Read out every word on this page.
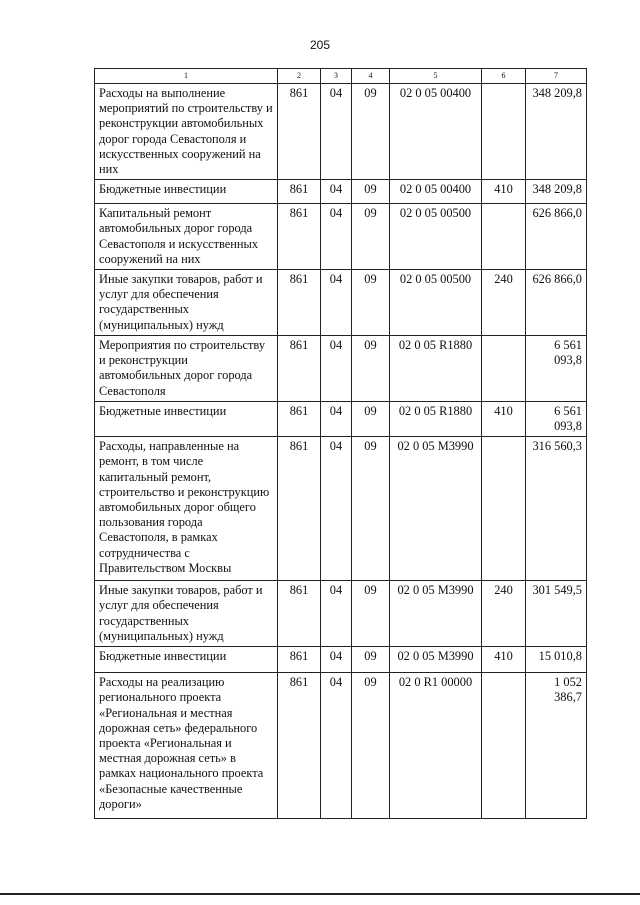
205
1	2	3	4	5	6	7
Расходы на выполнение мероприятий по строительству и реконструкции автомобильных дорог города Севастополя и искусственных сооружений на них	861	04	09	02 0 05 00400		348 209,8
Бюджетные инвестиции	861	04	09	02 0 05 00400	410	348 209,8
Капитальный ремонт автомобильных дорог города Севастополя и искусственных сооружений на них	861	04	09	02 0 05 00500		626 866,0
Иные закупки товаров, работ и услуг для обеспечения государственных (муниципальных) нужд	861	04	09	02 0 05 00500	240	626 866,0
Мероприятия по строительству и реконструкции автомобильных дорог города Севастополя	861	04	09	02 0 05 R1880		6 561 093,8
Бюджетные инвестиции	861	04	09	02 0 05 R1880	410	6 561 093,8
Расходы, направленные на ремонт, в том числе капитальный ремонт, строительство и реконструкцию автомобильных дорог общего пользования города Севастополя, в рамках сотрудничества с Правительством Москвы	861	04	09	02 0 05 M3990		316 560,3
Иные закупки товаров, работ и услуг для обеспечения государственных (муниципальных) нужд	861	04	09	02 0 05 M3990	240	301 549,5
Бюджетные инвестиции	861	04	09	02 0 05 M3990	410	15 010,8
Расходы на реализацию регионального проекта «Региональная и местная дорожная сеть» федерального проекта «Региональная и местная дорожная сеть» в рамках национального проекта «Безопасные качественные дороги»	861	04	09	02 0 R1 00000		1 052 386,7
